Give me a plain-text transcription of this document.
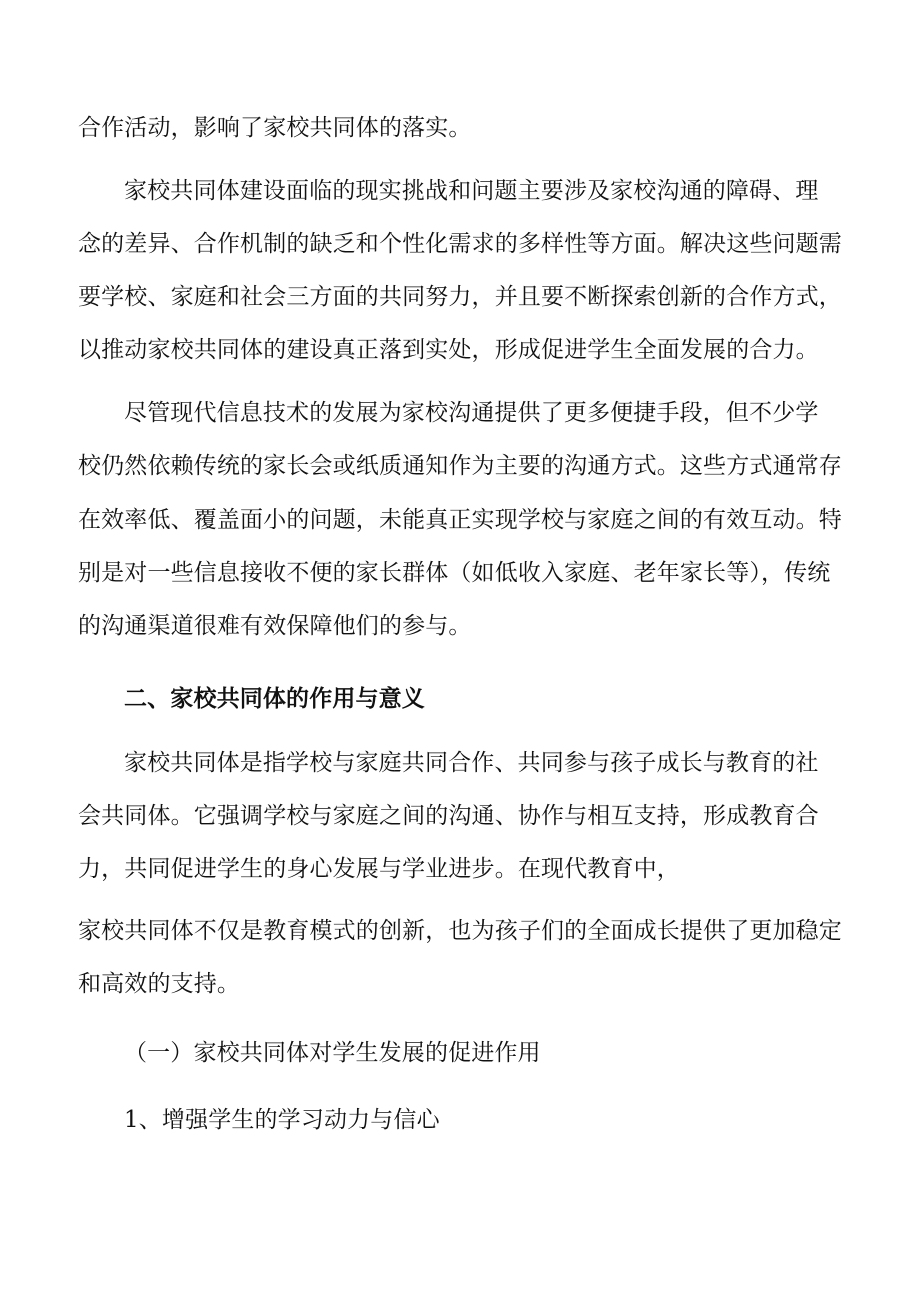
合作活动，影响了家校共同体的落实。
家校共同体建设面临的现实挑战和问题主要涉及家校沟通的障碍、理
念的差异、合作机制的缺乏和个性化需求的多样性等方面。解决这些问题需
要学校、家庭和社会三方面的共同努力，并且要不断探索创新的合作方式，
以推动家校共同体的建设真正落到实处，形成促进学生全面发展的合力。
尽管现代信息技术的发展为家校沟通提供了更多便捷手段，但不少学
校仍然依赖传统的家长会或纸质通知作为主要的沟通方式。这些方式通常存
在效率低、覆盖面小的问题，未能真正实现学校与家庭之间的有效互动。特
别是对一些信息接收不便的家长群体（如低收入家庭、老年家长等），传统
的沟通渠道很难有效保障他们的参与。
二、家校共同体的作用与意义
家校共同体是指学校与家庭共同合作、共同参与孩子成长与教育的社
会共同体。它强调学校与家庭之间的沟通、协作与相互支持，形成教育合
力，共同促进学生的身心发展与学业进步。在现代教育中，
家校共同体不仅是教育模式的创新，也为孩子们的全面成长提供了更加稳定
和高效的支持。
（一）家校共同体对学生发展的促进作用
1、增强学生的学习动力与信心
